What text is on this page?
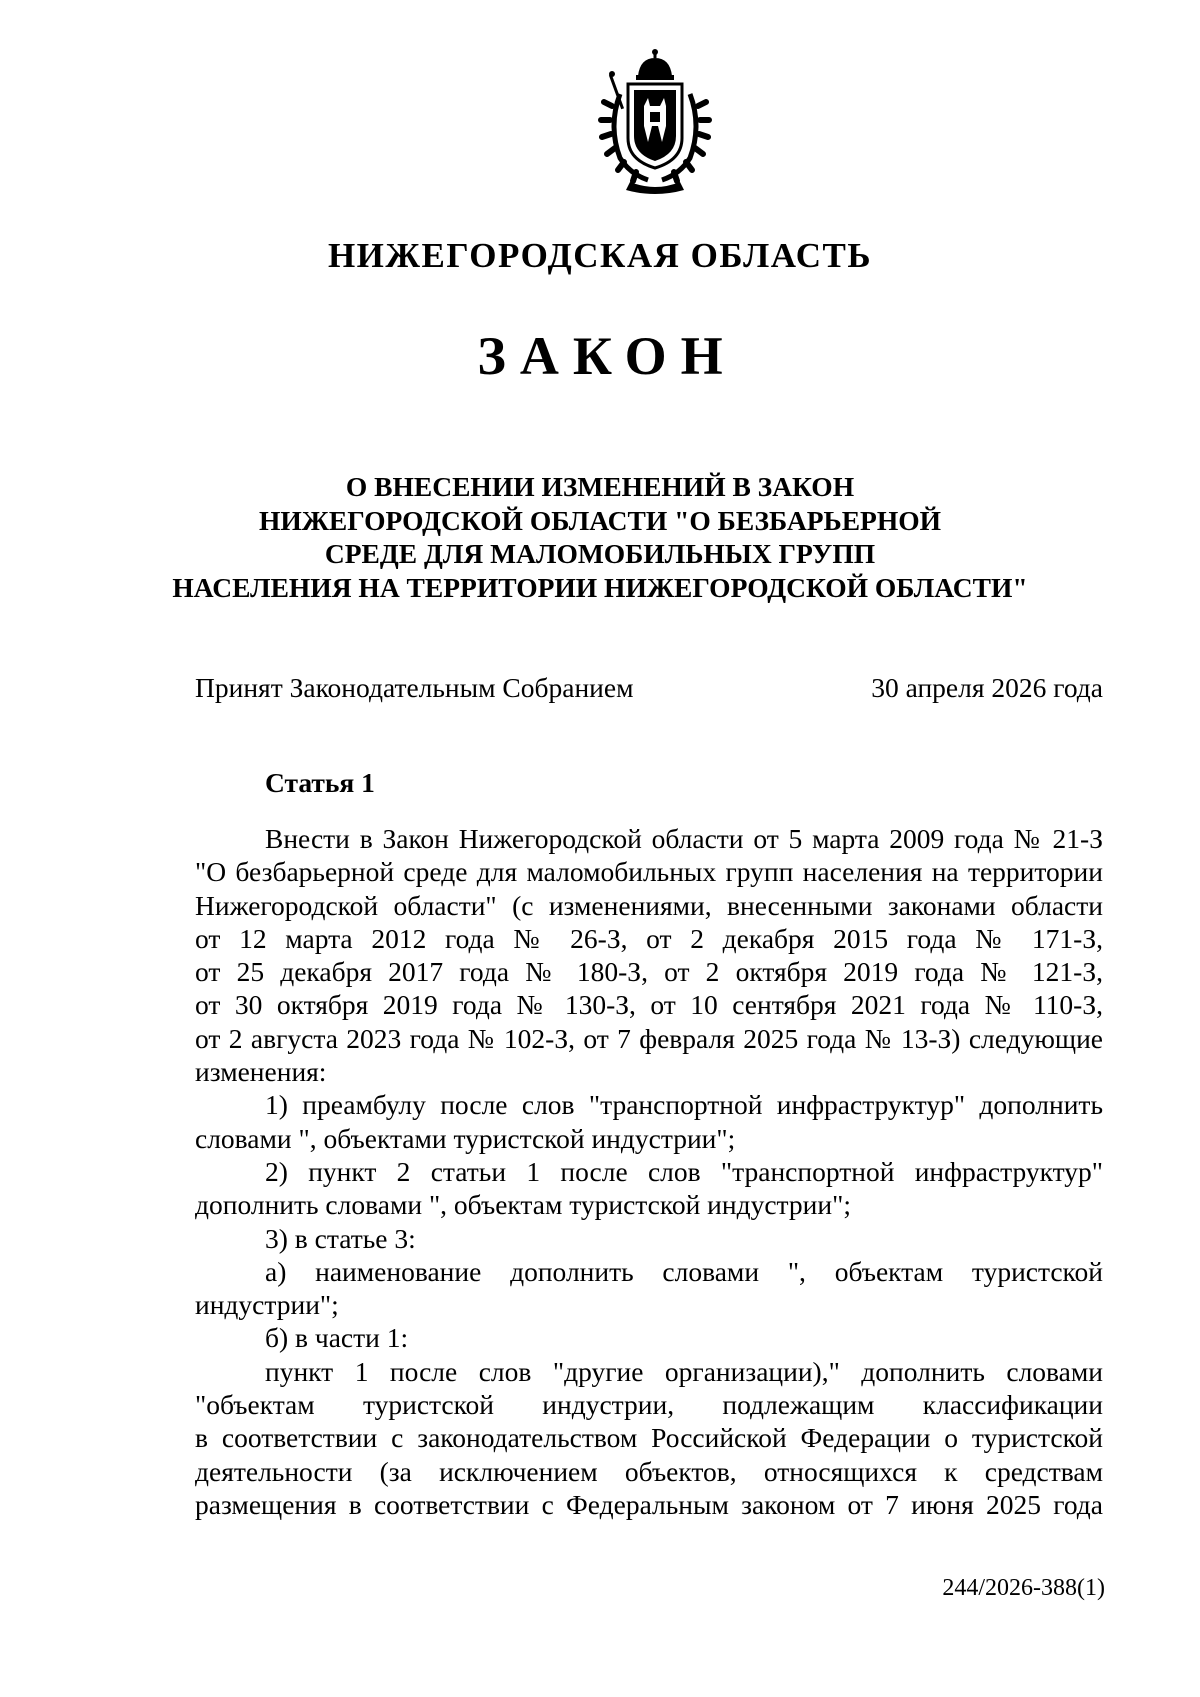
НИЖЕГОРОДСКАЯ ОБЛАСТЬ
ЗАКОН
О ВНЕСЕНИИ ИЗМЕНЕНИЙ В ЗАКОН
НИЖЕГОРОДСКОЙ ОБЛАСТИ "О БЕЗБАРЬЕРНОЙ
СРЕДЕ ДЛЯ МАЛОМОБИЛЬНЫХ ГРУПП
НАСЕЛЕНИЯ НА ТЕРРИТОРИИ НИЖЕГОРОДСКОЙ ОБЛАСТИ"
Принят Законодательным Собранием	30 апреля 2026 года
Статья 1
Внести в Закон Нижегородской области от 5 марта 2009 года № 21-З
"О безбарьерной среде для маломобильных групп населения на территории
Нижегородской области" (с изменениями, внесенными законами области
от 12 марта 2012 года № 26-З, от 2 декабря 2015 года № 171-З,
от 25 декабря 2017 года № 180-З, от 2 октября 2019 года № 121-З,
от 30 октября 2019 года № 130-З, от 10 сентября 2021 года № 110-З,
от 2 августа 2023 года № 102-З, от 7 февраля 2025 года № 13-З) следующие
изменения:
1) преамбулу после слов "транспортной инфраструктур" дополнить
словами ", объектами туристской индустрии";
2) пункт 2 статьи 1 после слов "транспортной инфраструктур"
дополнить словами ", объектам туристской индустрии";
3) в статье 3:
а) наименование дополнить словами ", объектам туристской
индустрии";
б) в части 1:
пункт 1 после слов "другие организации)," дополнить словами
"объектам туристской индустрии, подлежащим классификации
в соответствии с законодательством Российской Федерации о туристской
деятельности (за исключением объектов, относящихся к средствам
размещения в соответствии с Федеральным законом от 7 июня 2025 года
244/2026-388(1)
